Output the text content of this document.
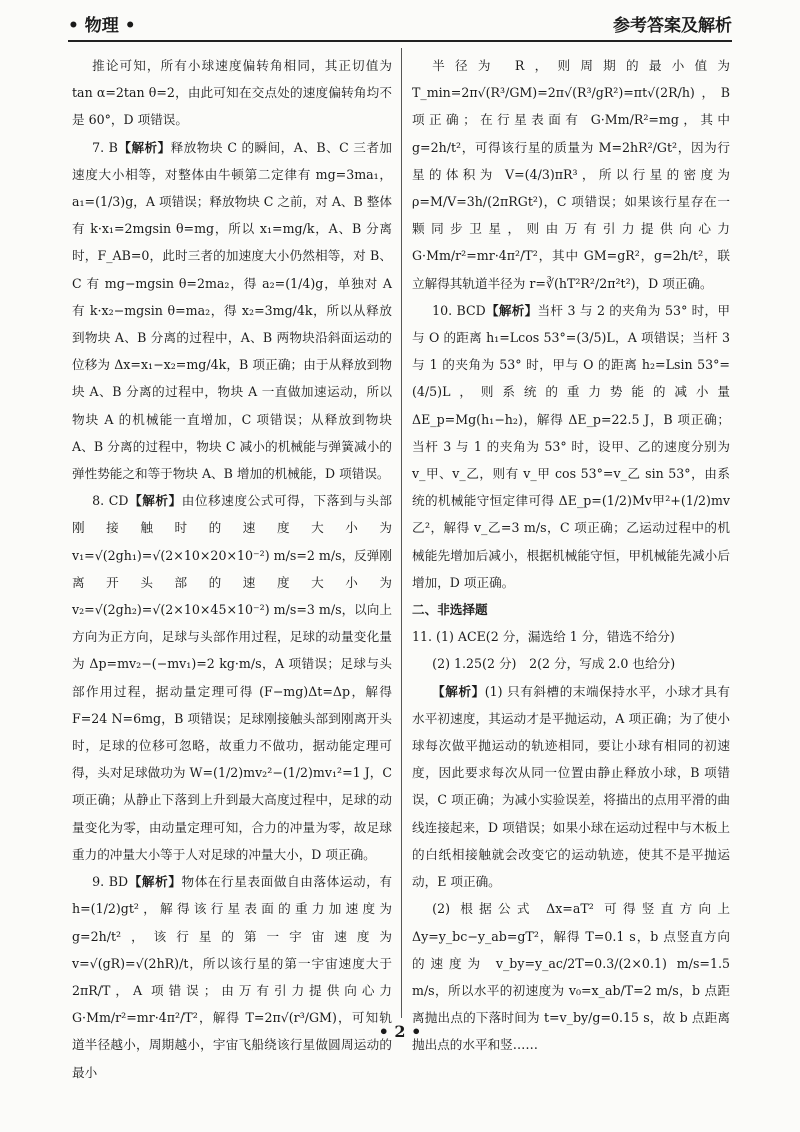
• 物理 •	参考答案及解析

推论可知，所有小球速度偏转角相同，其正切值为 tan α=2tan θ=2，由此可知在交点处的速度偏转角均不是 60°，D 项错误。

7. B【解析】释放物块 C 的瞬间，A、B、C 三者加速度大小相等，对整体由牛顿第二定律有 mg=3ma₁，a₁=(1/3)g，A 项错误；释放物块 C 之前，对 A、B 整体有 k·x₁=2mgsin θ=mg，所以 x₁=mg/k，A、B 分离时，F_AB=0，此时三者的加速度大小仍然相等，对 B、C 有 mg−mgsin θ=2ma₂，得 a₂=(1/4)g，单独对 A 有 k·x₂−mgsin θ=ma₂，得 x₂=3mg/4k，所以从释放到物块 A、B 分离的过程中，A、B 两物块沿斜面运动的位移为 Δx=x₁−x₂=mg/4k，B 项正确；由于从释放到物块 A、B 分离的过程中，物块 A 一直做加速运动，所以物块 A 的机械能一直增加，C 项错误；从释放到物块 A、B 分离的过程中，物块 C 减小的机械能与弹簧减小的弹性势能之和等于物块 A、B 增加的机械能，D 项错误。

8. CD【解析】由位移速度公式可得，下落到与头部刚接触时的速度大小为 v₁=√(2gh₁)=√(2×10×20×10⁻²) m/s=2 m/s，反弹刚离开头部的速度大小为 v₂=√(2gh₂)=√(2×10×45×10⁻²) m/s=3 m/s，以向上方向为正方向，足球与头部作用过程，足球的动量变化量为 Δp=mv₂−(−mv₁)=2 kg·m/s，A 项错误；足球与头部作用过程，据动量定理可得 (F−mg)Δt=Δp，解得 F=24 N=6mg，B 项错误；足球刚接触头部到刚离开头时，足球的位移可忽略，故重力不做功，据动能定理可得，头对足球做功为 W=(1/2)mv₂²−(1/2)mv₁²=1 J，C 项正确；从静止下落到上升到最大高度过程中，足球的动量变化为零，由动量定理可知，合力的冲量为零，故足球重力的冲量大小等于人对足球的冲量大小，D 项正确。

9. BD【解析】物体在行星表面做自由落体运动，有 h=(1/2)gt²，解得该行星表面的重力加速度为 g=2h/t²，该行星的第一宇宙速度为 v=√(gR)=√(2hR)/t，所以该行星的第一宇宙速度大于 2πR/T，A 项错误；由万有引力提供向心力 G·Mm/r²=mr·4π²/T²，解得 T=2π√(r³/GM)，可知轨道半径越小，周期越小，宇宙飞船绕该行星做圆周运动的最小

半径为 R，则周期的最小值为 T_min=2π√(R³/GM)=2π√(R³/gR²)=πt√(2R/h)，B 项正确；在行星表面有 G·Mm/R²=mg，其中 g=2h/t²，可得该行星的质量为 M=2hR²/Gt²，因为行星的体积为 V=(4/3)πR³，所以行星的密度为 ρ=M/V=3h/(2πRGt²)，C 项错误；如果该行星存在一颗同步卫星，则由万有引力提供向心力 G·Mm/r²=mr·4π²/T²，其中 GM=gR²，g=2h/t²，联立解得其轨道半径为 r=∛(hT²R²/2π²t²)，D 项正确。

10. BCD【解析】当杆 3 与 2 的夹角为 53° 时，甲与 O 的距离 h₁=Lcos 53°=(3/5)L，A 项错误；当杆 3 与 1 的夹角为 53° 时，甲与 O 的距离 h₂=Lsin 53°=(4/5)L，则系统的重力势能的减小量 ΔE_p=Mg(h₁−h₂)，解得 ΔE_p=22.5 J，B 项正确；当杆 3 与 1 的夹角为 53° 时，设甲、乙的速度分别为 v_甲、v_乙，则有 v_甲 cos 53°=v_乙 sin 53°，由系统的机械能守恒定律可得 ΔE_p=(1/2)Mv甲²+(1/2)mv乙²，解得 v_乙=3 m/s，C 项正确；乙运动过程中的机械能先增加后减小，根据机械能守恒，甲机械能先减小后增加，D 项正确。

二、非选择题

11. (1) ACE(2 分，漏选给 1 分，错选不给分)

(2) 1.25(2 分)　2(2 分，写成 2.0 也给分)

【解析】(1) 只有斜槽的末端保持水平，小球才具有水平初速度，其运动才是平抛运动，A 项正确；为了使小球每次做平抛运动的轨迹相同，要让小球有相同的初速度，因此要求每次从同一位置由静止释放小球，B 项错误，C 项正确；为减小实验误差，将描出的点用平滑的曲线连接起来，D 项错误；如果小球在运动过程中与木板上的白纸相接触就会改变它的运动轨迹，使其不是平抛运动，E 项正确。

(2) 根据公式 Δx=aT² 可得竖直方向上 Δy=y_bc−y_ab=gT²，解得 T=0.1 s，b 点竖直方向的速度为 v_by=y_ac/2T=0.3/(2×0.1) m/s=1.5 m/s，所以水平的初速度为 v₀=x_ab/T=2 m/s，b 点距离抛出点的下落时间为 t=v_by/g=0.15 s，故 b 点距离抛出点的水平和竖……

• 2 •
